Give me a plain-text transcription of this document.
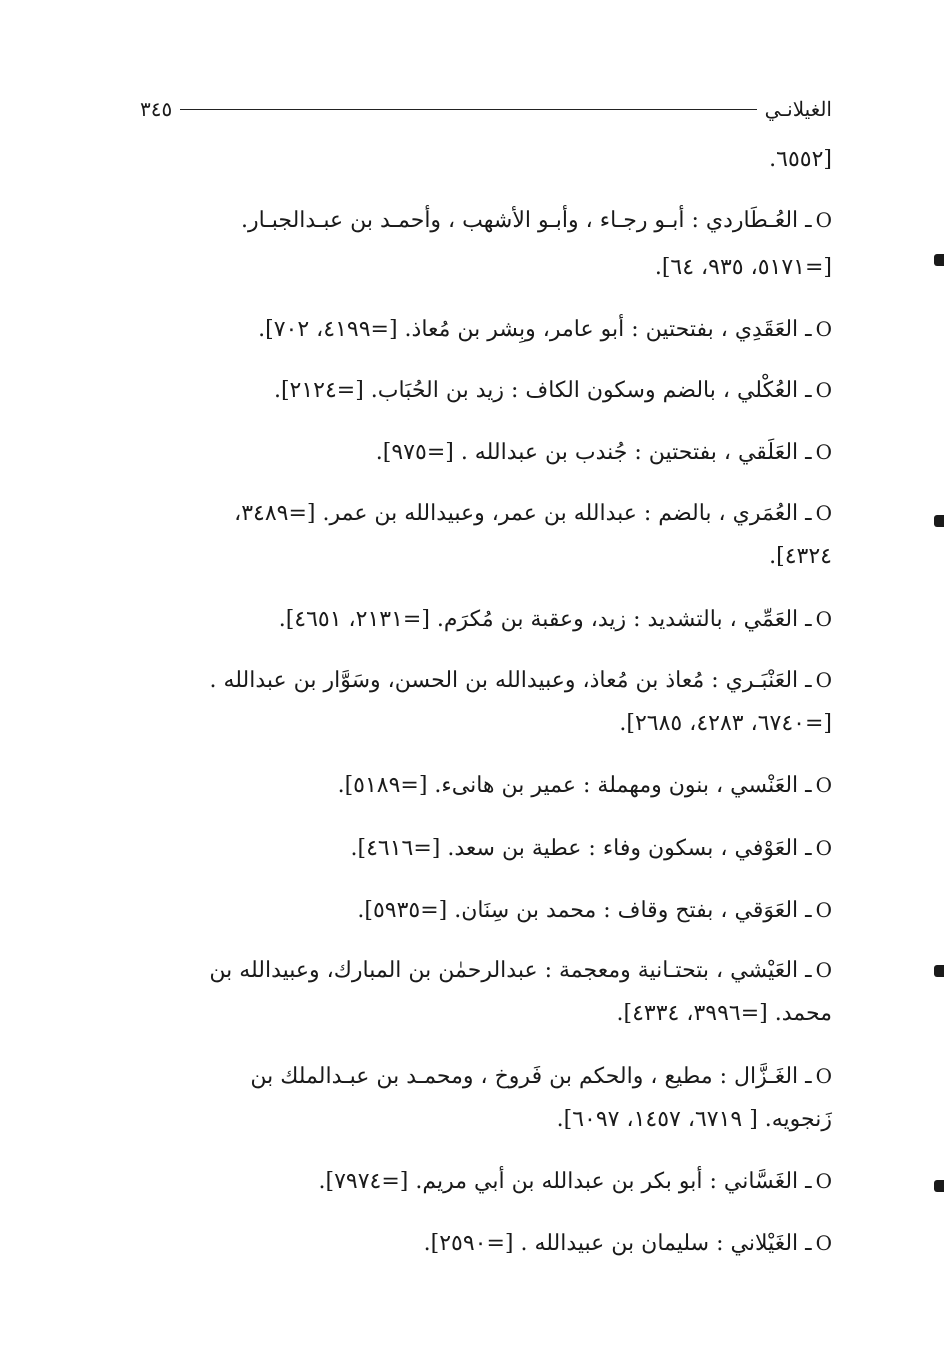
الغيلانـي
٣٤٥
[٦٥٥٢.
Oـ العُـطَاردي : أبـو رجـاء ، وأبـو الأشهب ، وأحمـد بن عبـدالجبـار.
[=٥١٧١، ٩٣٥، ٦٤].
Oـ العَقَدِي ، بفتحتين : أبو عامر، وبِشر بن مُعاذ. [=٤١٩٩، ٧٠٢].
Oـ العُكْلي ، بالضم وسكون الكاف : زيد بن الحُبَاب. [=٢١٢٤].
Oـ العَلَقي ، بفتحتين : جُندب بن عبدالله . [=٩٧٥].
Oـ العُمَري ، بالضم : عبدالله بن عمر، وعبيدالله بن عمر. [=٣٤٨٩،
٤٣٢٤].
Oـ العَمِّي ، بالتشديد : زيد، وعقبة بن مُكرَم. [=٢١٣١، ٤٦٥١].
Oـ العَنْبَـري : مُعاذ بن مُعاذ، وعبيدالله بن الحسن، وسَوَّار بن عبدالله .
[=٦٧٤٠، ٤٢٨٣، ٢٦٨٥].
Oـ العَنْسي ، بنون ومهملة : عمير بن هانىء. [=٥١٨٩].
Oـ العَوْفي ، بسكون وفاء : عطية بن سعد. [=٤٦١٦].
Oـ العَوَقي ، بفتح وقاف : محمد بن سِنَان. [=٥٩٣٥].
Oـ العَيْشي ، بتحتـانية ومعجمة : عبدالرحمٰن بن المبارك، وعبيدالله بن
محمد. [=٣٩٩٦، ٤٣٣٤].
Oـ الغَـزَّال : مطيع ، والحكم بن فَروخ ، ومحمـد بن عبـدالملك بن
زَنجويه. [ ٦٧١٩، ١٤٥٧، ٦٠٩٧].
Oـ الغَسَّاني : أبو بكر بن عبدالله بن أبي مريم. [=٧٩٧٤].
Oـ الغَيْلاني : سليمان بن عبيدالله . [=٢٥٩٠].
